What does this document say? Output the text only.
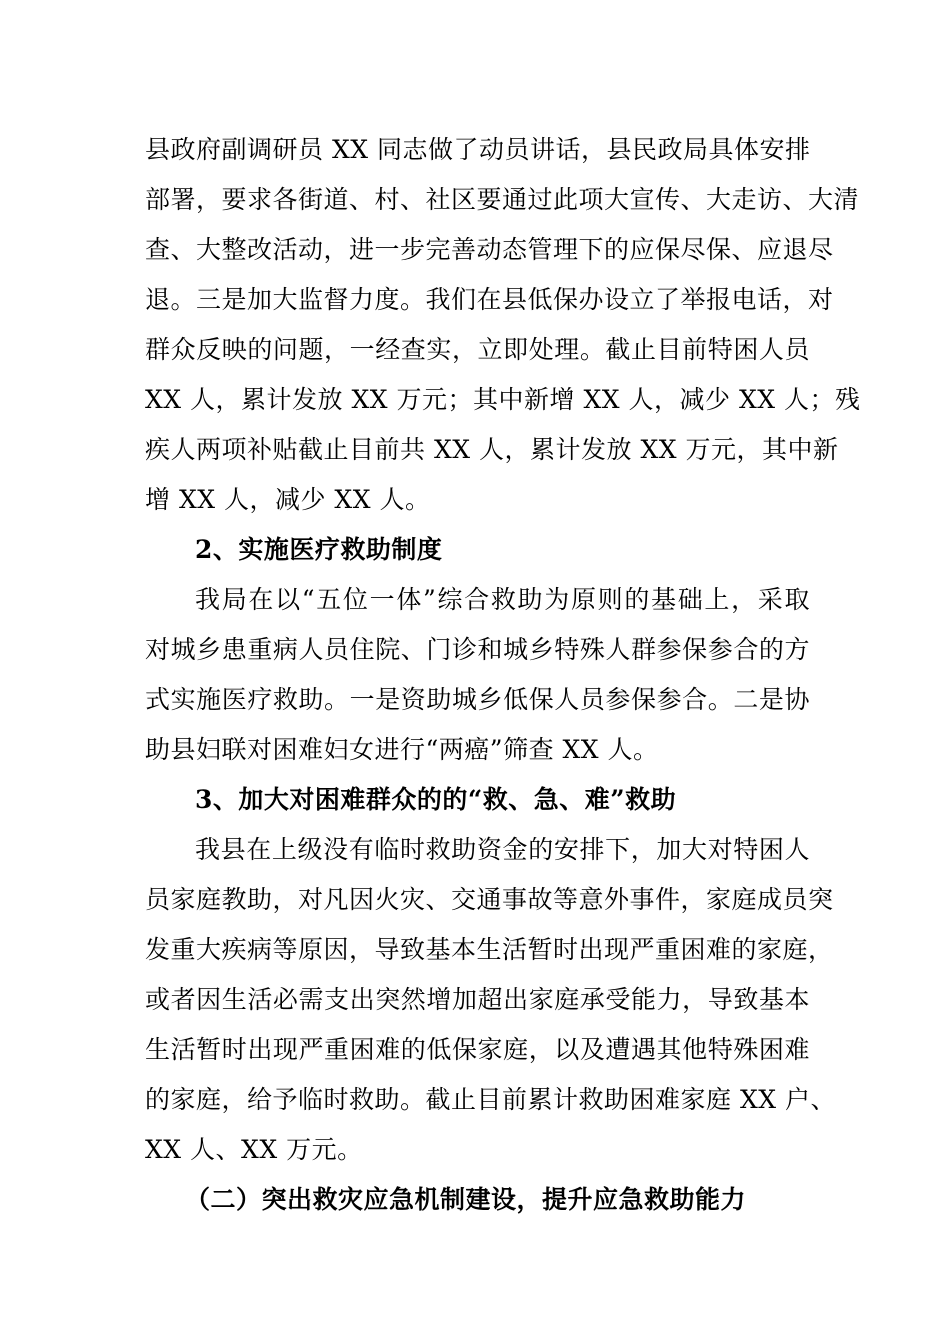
县政府副调研员 XX 同志做了动员讲话，县民政局具体安排
部署，要求各街道、村、社区要通过此项大宣传、大走访、大清
查、大整改活动，进一步完善动态管理下的应保尽保、应退尽
退。三是加大监督力度。我们在县低保办设立了举报电话，对
群众反映的问题，一经查实，立即处理。截止目前特困人员
XX 人，累计发放 XX 万元；其中新增 XX 人，减少 XX 人；残
疾人两项补贴截止目前共 XX 人，累计发放 XX 万元，其中新
增 XX 人，减少 XX 人。
2、实施医疗救助制度
我局在以“五位一体”综合救助为原则的基础上，采取
对城乡患重病人员住院、门诊和城乡特殊人群参保参合的方
式实施医疗救助。一是资助城乡低保人员参保参合。二是协
助县妇联对困难妇女进行“两癌”筛查 XX 人。
3、加大对困难群众的的“救、急、难”救助
我县在上级没有临时救助资金的安排下，加大对特困人
员家庭教助，对凡因火灾、交通事故等意外事件，家庭成员突
发重大疾病等原因，导致基本生活暂时出现严重困难的家庭，
或者因生活必需支出突然增加超出家庭承受能力，导致基本
生活暂时出现严重困难的低保家庭，以及遭遇其他特殊困难
的家庭，给予临时救助。截止目前累计救助困难家庭 XX 户、
XX 人、XX 万元。
（二）突出救灾应急机制建设，提升应急救助能力
